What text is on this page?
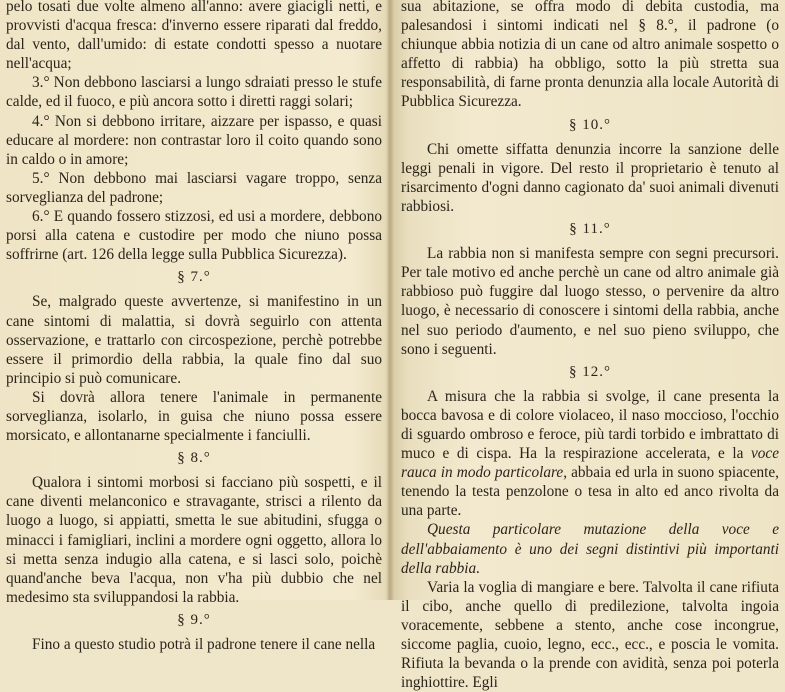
pelo tosati due volte almeno all'anno: avere giacigli netti, e provvisti d'acqua fresca: d'inverno essere riparati dal freddo, dal vento, dall'umido: di estate condotti spesso a nuotare nell'acqua;

3.° Non debbono lasciarsi a lungo sdraiati presso le stufe calde, ed il fuoco, e più ancora sotto i diretti raggi solari;

4.° Non si debbono irritare, aizzare per ispasso, e quasi educare al mordere: non contrastar loro il coito quando sono in caldo o in amore;

5.° Non debbono mai lasciarsi vagare troppo, senza sorveglianza del padrone;

6.° E quando fossero stizzosi, ed usi a mordere, debbono porsi alla catena e custodire per modo che niuno possa soffrirne (art. 126 della legge sulla Pubblica Sicurezza).

§ 7.°

Se, malgrado queste avvertenze, si manifestino in un cane sintomi di malattia, si dovrà seguirlo con attenta osservazione, e trattarlo con circospezione, perchè potrebbe essere il primordio della rabbia, la quale fino dal suo principio si può comunicare.

Si dovrà allora tenere l'animale in permanente sorveglianza, isolarlo, in guisa che niuno possa essere morsicato, e allontanarne specialmente i fanciulli.

§ 8.°

Qualora i sintomi morbosi si facciano più sospetti, e il cane diventi melanconico e stravagante, strisci a rilento da luogo a luogo, si appiatti, smetta le sue abitudini, sfugga o minacci i famigliari, inclini a mordere ogni oggetto, allora lo si metta senza indugio alla catena, e si lasci solo, poichè quand'anche beva l'acqua, non v'ha più dubbio che nel medesimo sta sviluppandosi la rabbia.

§ 9.°

Fino a questo studio potrà il padrone tenere il cane nella

sua abitazione, se offra modo di debita custodia, ma palesandosi i sintomi indicati nel § 8.°, il padrone (o chiunque abbia notizia di un cane od altro animale sospetto o affetto di rabbia) ha obbligo, sotto la più stretta sua responsabilità, di farne pronta denunzia alla locale Autorità di Pubblica Sicurezza.

§ 10.°

Chi omette siffatta denunzia incorre la sanzione delle leggi penali in vigore. Del resto il proprietario è tenuto al risarcimento d'ogni danno cagionato da' suoi animali divenuti rabbiosi.

§ 11.°

La rabbia non si manifesta sempre con segni precursori. Per tale motivo ed anche perchè un cane od altro animale già rabbioso può fuggire dal luogo stesso, o pervenire da altro luogo, è necessario di conoscere i sintomi della rabbia, anche nel suo periodo d'aumento, e nel suo pieno sviluppo, che sono i seguenti.

§ 12.°

A misura che la rabbia si svolge, il cane presenta la bocca bavosa e di colore violaceo, il naso moccioso, l'occhio di sguardo ombroso e feroce, più tardi torbido e imbrattato di muco e di cispa. Ha la respirazione accelerata, e la voce rauca in modo particolare, abbaia ed urla in suono spiacente, tenendo la testa penzolone o tesa in alto ed anco rivolta da una parte.

Questa particolare mutazione della voce e dell'abbaiamento è uno dei segni distintivi più importanti della rabbia.

Varia la voglia di mangiare e bere. Talvolta il cane rifiuta il cibo, anche quello di predilezione, talvolta ingoia voracemente, sebbene a stento, anche cose incongrue, siccome paglia, cuoio, legno, ecc., ecc., e poscia le vomita. Rifiuta la bevanda o la prende con avidità, senza poi poterla inghiottire. Egli
